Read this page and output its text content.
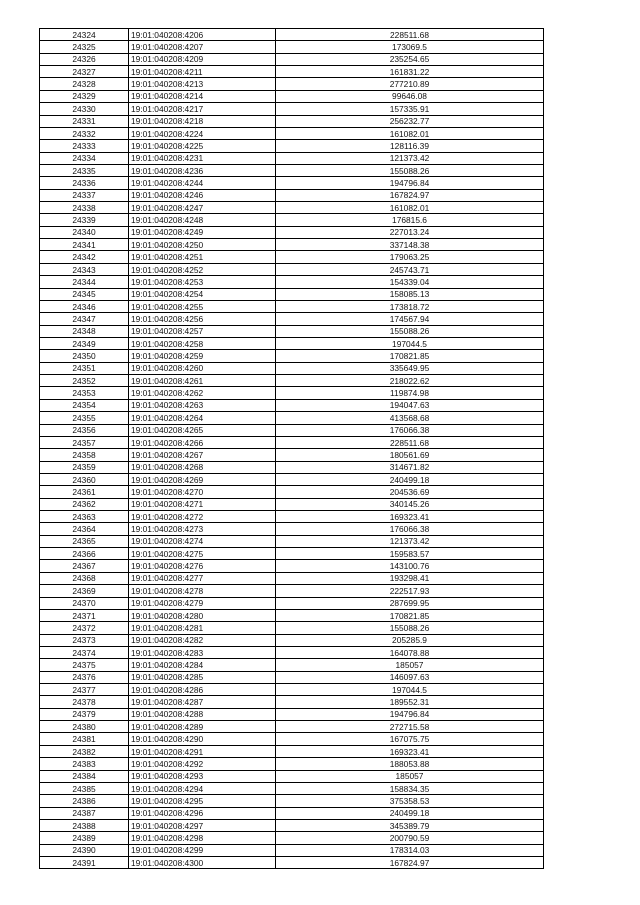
24324	19:01:040208:4206	228511.68
24325	19:01:040208:4207	173069.5
24326	19:01:040208:4209	235254.65
24327	19:01:040208:4211	161831.22
24328	19:01:040208:4213	277210.89
24329	19:01:040208:4214	99646.08
24330	19:01:040208:4217	157335.91
24331	19:01:040208:4218	256232.77
24332	19:01:040208:4224	161082.01
24333	19:01:040208:4225	128116.39
24334	19:01:040208:4231	121373.42
24335	19:01:040208:4236	155088.26
24336	19:01:040208:4244	194796.84
24337	19:01:040208:4246	167824.97
24338	19:01:040208:4247	161082.01
24339	19:01:040208:4248	176815.6
24340	19:01:040208:4249	227013.24
24341	19:01:040208:4250	337148.38
24342	19:01:040208:4251	179063.25
24343	19:01:040208:4252	245743.71
24344	19:01:040208:4253	154339.04
24345	19:01:040208:4254	158085.13
24346	19:01:040208:4255	173818.72
24347	19:01:040208:4256	174567.94
24348	19:01:040208:4257	155088.26
24349	19:01:040208:4258	197044.5
24350	19:01:040208:4259	170821.85
24351	19:01:040208:4260	335649.95
24352	19:01:040208:4261	218022.62
24353	19:01:040208:4262	119874.98
24354	19:01:040208:4263	194047.63
24355	19:01:040208:4264	413568.68
24356	19:01:040208:4265	176066.38
24357	19:01:040208:4266	228511.68
24358	19:01:040208:4267	180561.69
24359	19:01:040208:4268	314671.82
24360	19:01:040208:4269	240499.18
24361	19:01:040208:4270	204536.69
24362	19:01:040208:4271	340145.26
24363	19:01:040208:4272	169323.41
24364	19:01:040208:4273	176066.38
24365	19:01:040208:4274	121373.42
24366	19:01:040208:4275	159583.57
24367	19:01:040208:4276	143100.76
24368	19:01:040208:4277	193298.41
24369	19:01:040208:4278	222517.93
24370	19:01:040208:4279	287699.95
24371	19:01:040208:4280	170821.85
24372	19:01:040208:4281	155088.26
24373	19:01:040208:4282	205285.9
24374	19:01:040208:4283	164078.88
24375	19:01:040208:4284	185057
24376	19:01:040208:4285	146097.63
24377	19:01:040208:4286	197044.5
24378	19:01:040208:4287	189552.31
24379	19:01:040208:4288	194796.84
24380	19:01:040208:4289	272715.58
24381	19:01:040208:4290	167075.75
24382	19:01:040208:4291	169323.41
24383	19:01:040208:4292	188053.88
24384	19:01:040208:4293	185057
24385	19:01:040208:4294	158834.35
24386	19:01:040208:4295	375358.53
24387	19:01:040208:4296	240499.18
24388	19:01:040208:4297	345389.79
24389	19:01:040208:4298	200790.59
24390	19:01:040208:4299	178314.03
24391	19:01:040208:4300	167824.97
